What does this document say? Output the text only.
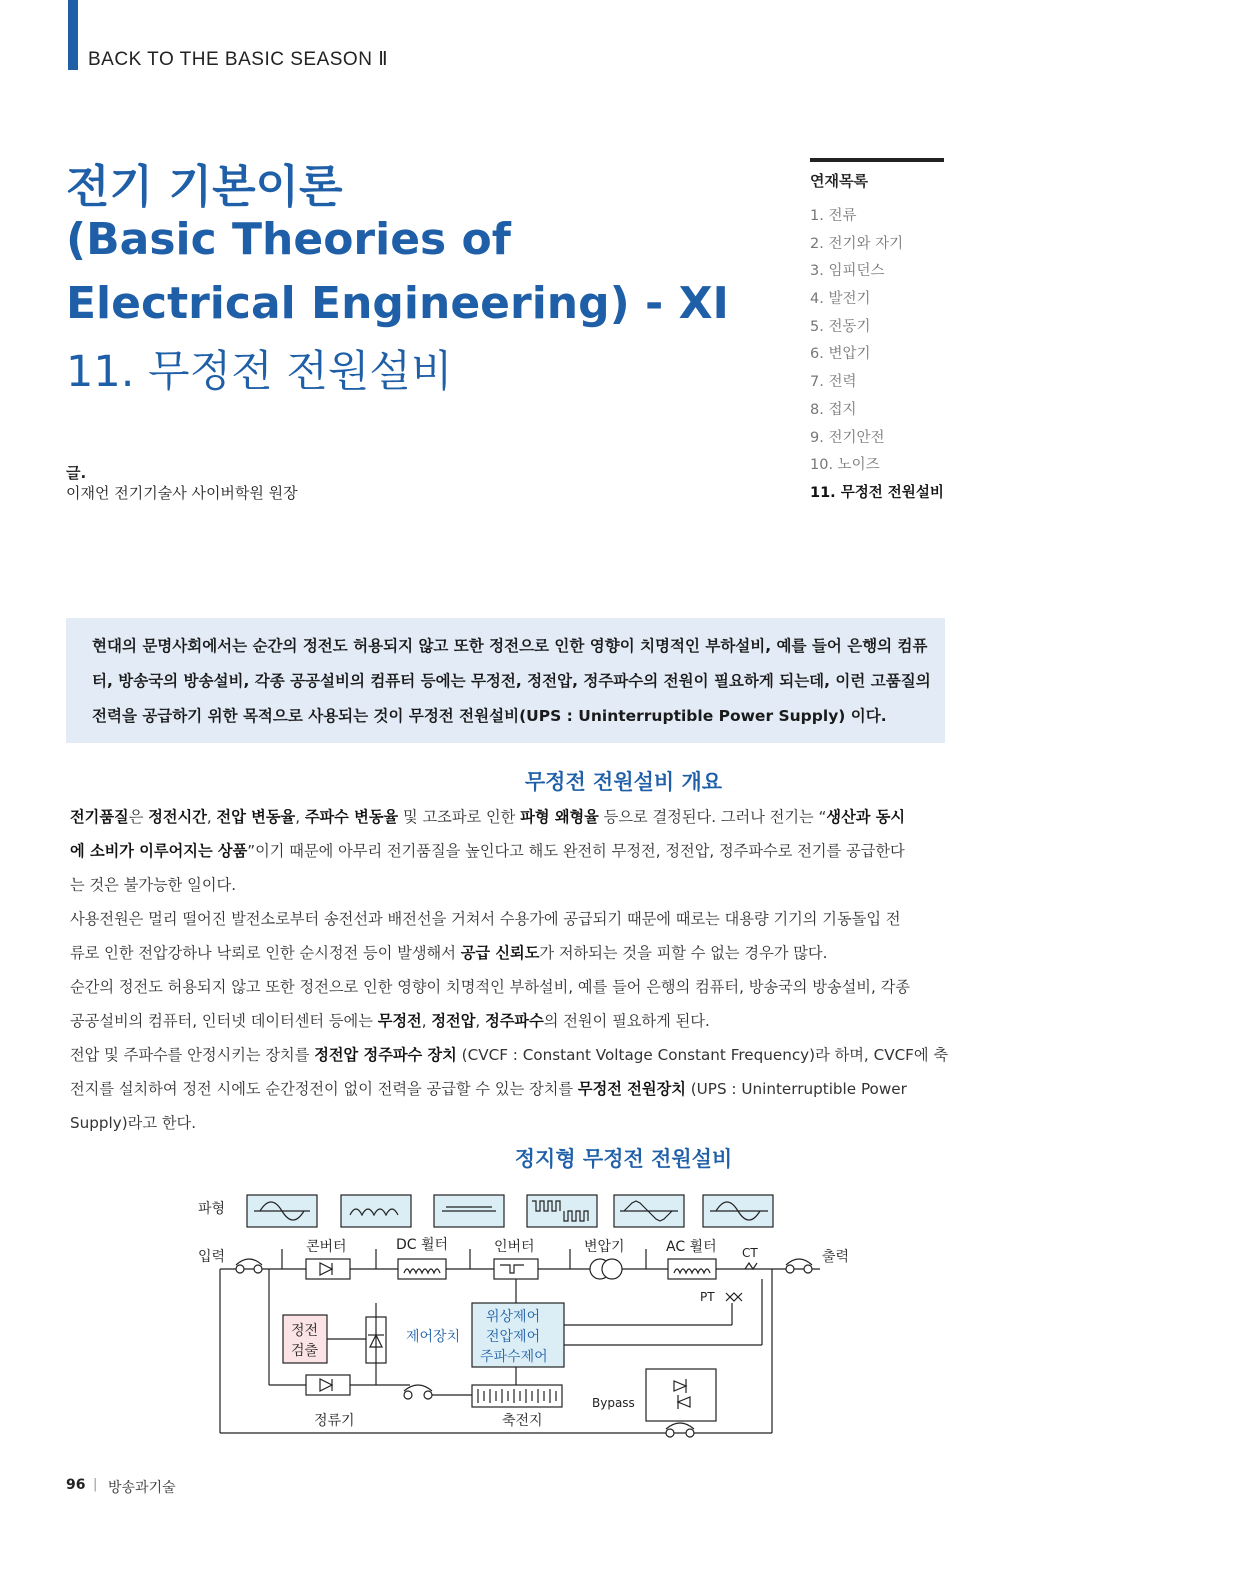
BACK TO THE BASIC SEASON Ⅱ
전기 기본이론
(Basic Theories of
Electrical Engineering) - XI
11. 무정전 전원설비
글.
이재언 전기기술사 사이버학원 원장
연재목록
1. 전류
2. 전기와 자기
3. 임피던스
4. 발전기
5. 전동기
6. 변압기
7. 전력
8. 접지
9. 전기안전
10. 노이즈
11. 무정전 전원설비
현대의 문명사회에서는 순간의 정전도 허용되지 않고 또한 정전으로 인한 영향이 치명적인 부하설비, 예를 들어 은행의 컴퓨
터, 방송국의 방송설비, 각종 공공설비의 컴퓨터 등에는 무정전, 정전압, 정주파수의 전원이 필요하게 되는데, 이런 고품질의
전력을 공급하기 위한 목적으로 사용되는 것이 무정전 전원설비(UPS : Uninterruptible Power Supply) 이다.
무정전 전원설비 개요
전기품질은 정전시간, 전압 변동율, 주파수 변동율 및 고조파로 인한 파형 왜형율 등으로 결정된다. 그러나 전기는 “생산과 동시
에 소비가 이루어지는 상품”이기 때문에 아무리 전기품질을 높인다고 해도 완전히 무정전, 정전압, 정주파수로 전기를 공급한다
는 것은 불가능한 일이다.
사용전원은 멀리 떨어진 발전소로부터 송전선과 배전선을 거쳐서 수용가에 공급되기 때문에 때로는 대용량 기기의 기동돌입 전
류로 인한 전압강하나 낙뢰로 인한 순시정전 등이 발생해서 공급 신뢰도가 저하되는 것을 피할 수 없는 경우가 많다.
순간의 정전도 허용되지 않고 또한 정전으로 인한 영향이 치명적인 부하설비, 예를 들어 은행의 컴퓨터, 방송국의 방송설비, 각종
공공설비의 컴퓨터, 인터넷 데이터센터 등에는 무정전, 정전압, 정주파수의 전원이 필요하게 된다.
전압 및 주파수를 안정시키는 장치를 정전압 정주파수 장치 (CVCF : Constant Voltage Constant Frequency)라 하며, CVCF에 축
전지를 설치하여 정전 시에도 순간정전이 없이 전력을 공급할 수 있는 장치를 무정전 전원장치 (UPS : Uninterruptible Power
Supply)라고 한다.
정지형 무정전 전원설비
파형
입력	출력
콘버터	DC 휠터	인버터	변압기	AC 휠터 CT
PT
정전
검출
제어장치
위상제어
전압제어
주파수제어
정류기	축전지
Bypass
96 | 방송과기술
